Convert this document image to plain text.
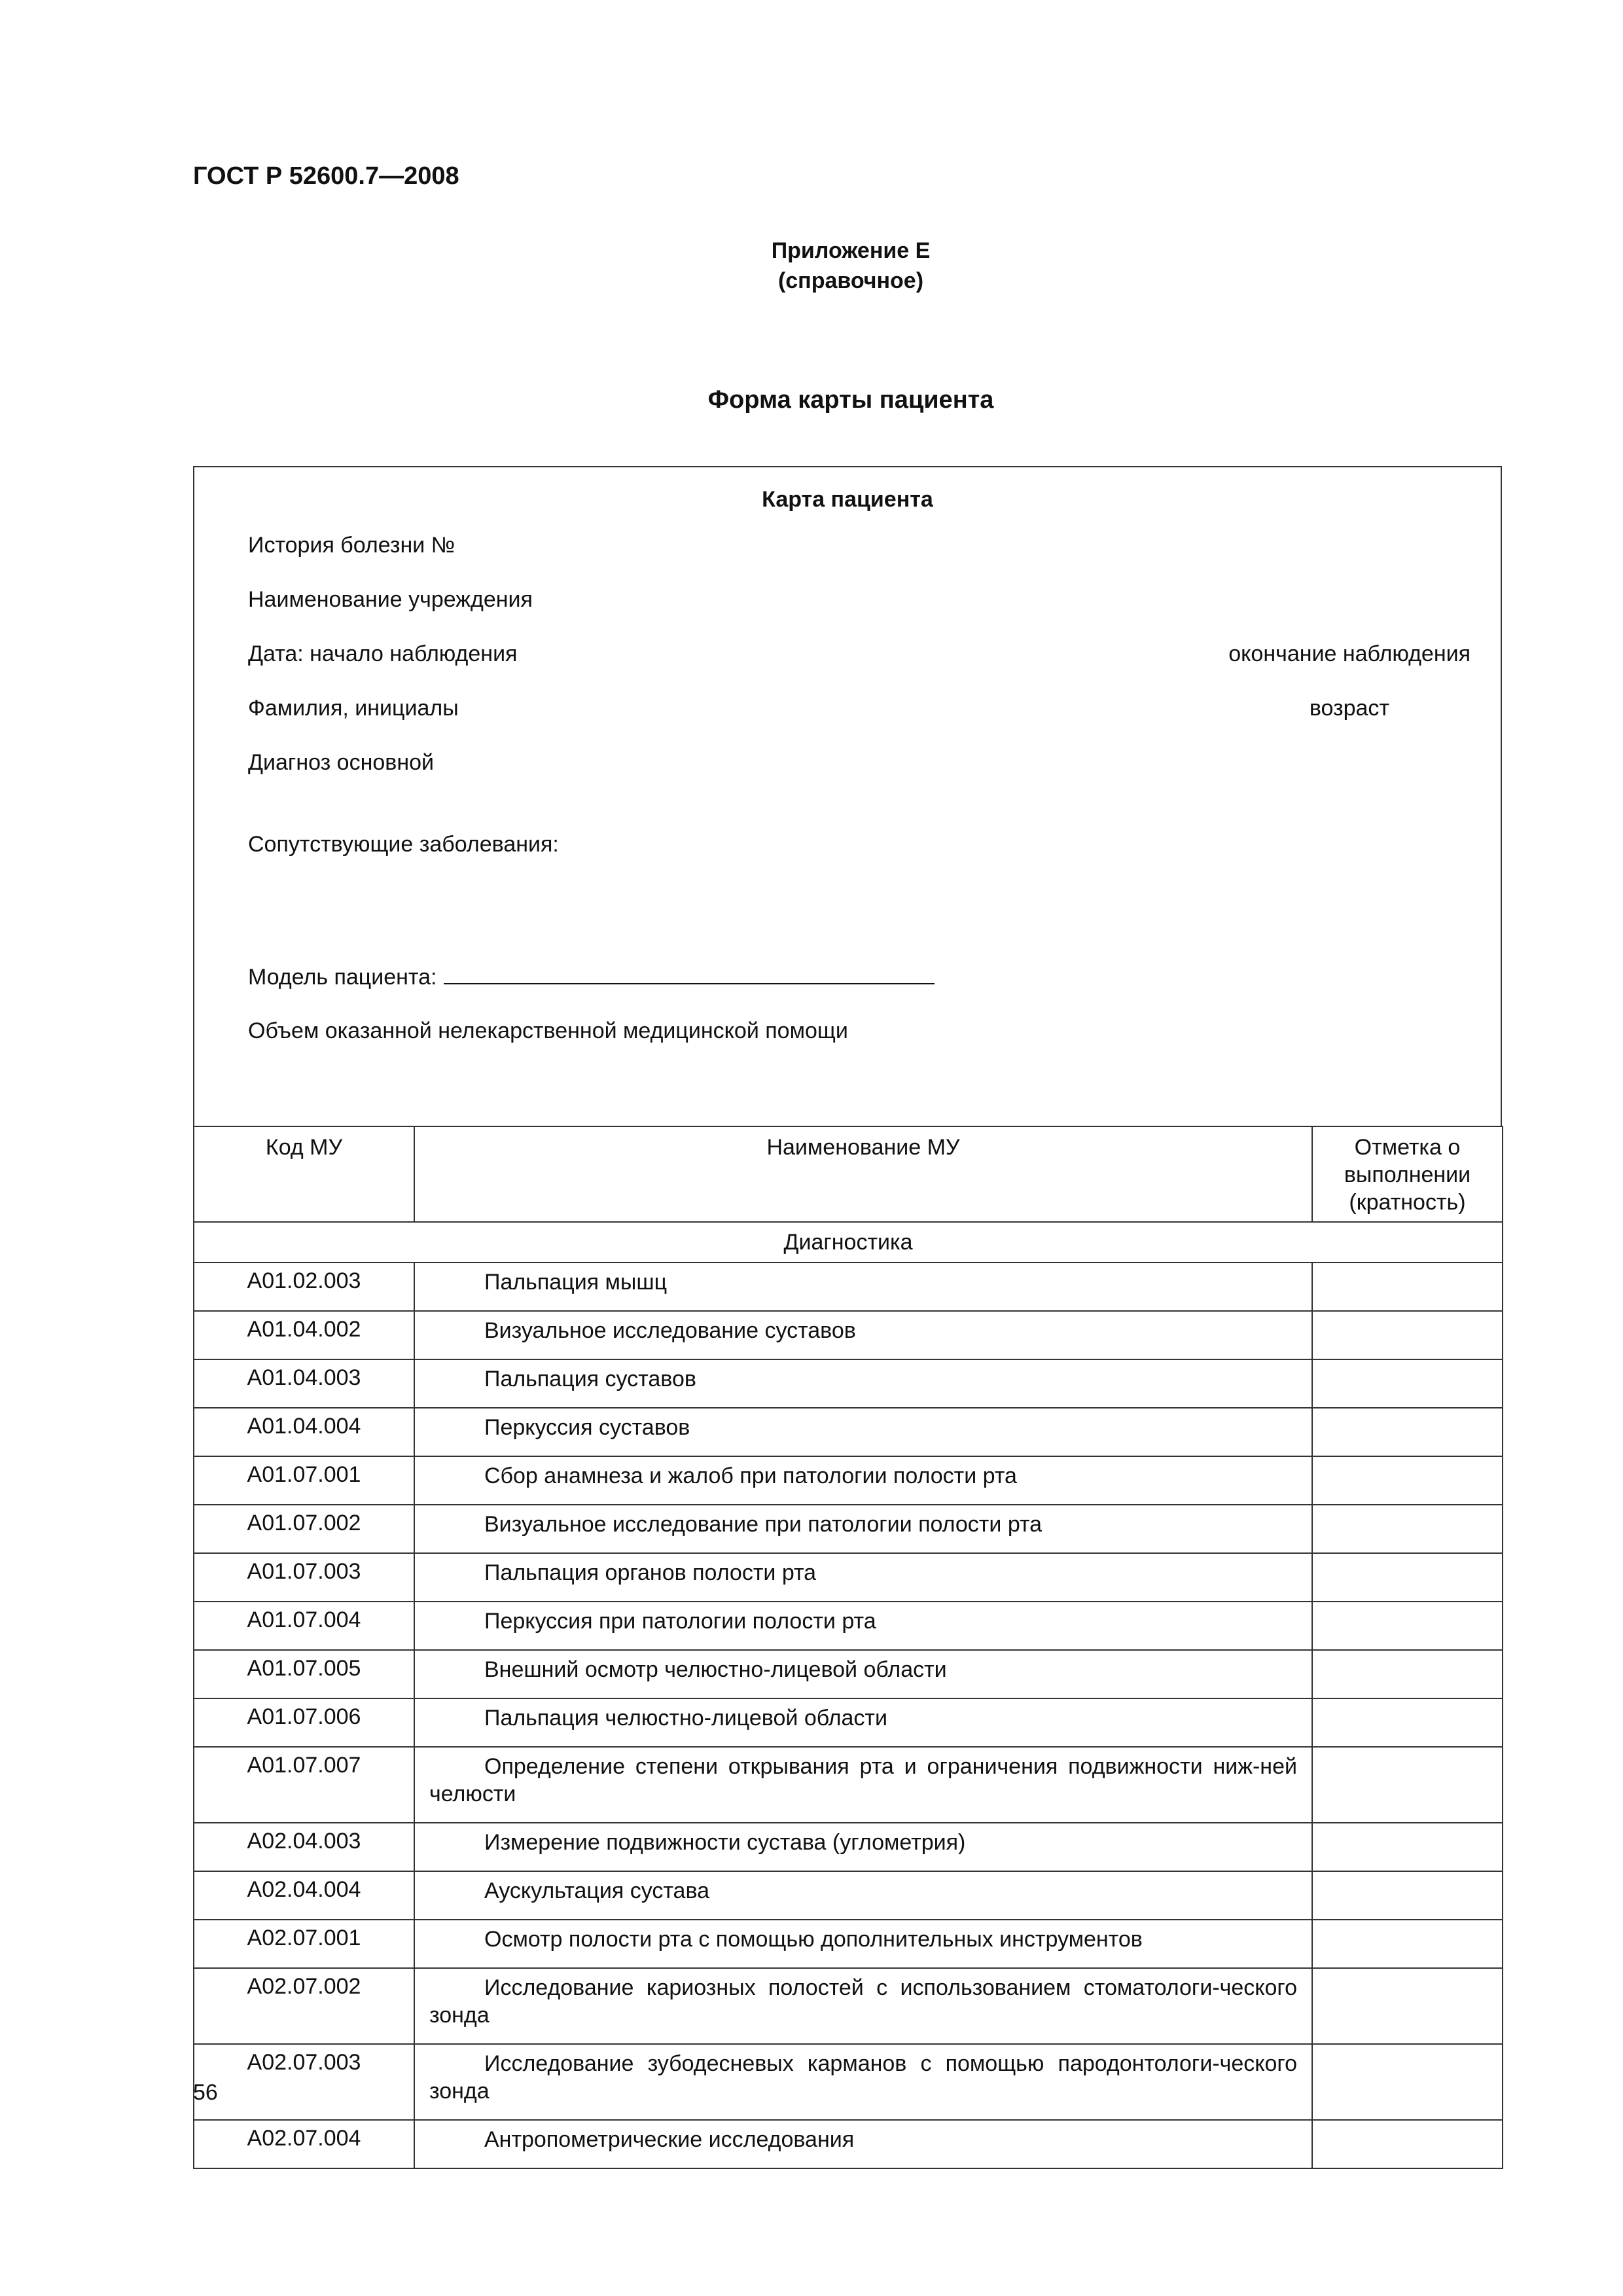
ГОСТ Р 52600.7—2008
Приложение Е
(справочное)
Форма карты пациента
Карта пациента
История болезни №
Наименование учреждения
Дата: начало наблюдения	окончание наблюдения
Фамилия, инициалы	возраст
Диагноз основной
Сопутствующие заболевания:
Модель пациента:
Объем оказанной нелекарственной медицинской помощи
Код МУ	Наименование МУ	Отметка о выполнении (кратность)
Диагностика		
А01.02.003	Пальпация мышц	
А01.04.002	Визуальное исследование суставов	
А01.04.003	Пальпация суставов	
А01.04.004	Перкуссия суставов	
А01.07.001	Сбор анамнеза и жалоб при патологии полости рта	
А01.07.002	Визуальное исследование при патологии полости рта	
А01.07.003	Пальпация органов полости рта	
А01.07.004	Перкуссия при патологии полости рта	
А01.07.005	Внешний осмотр челюстно-лицевой области	
А01.07.006	Пальпация челюстно-лицевой области	
А01.07.007	Определение степени открывания рта и ограничения подвижности ниж-ней челюсти	
А02.04.003	Измерение подвижности сустава (углометрия)	
А02.04.004	Аускультация сустава	
А02.07.001	Осмотр полости рта с помощью дополнительных инструментов	
А02.07.002	Исследование кариозных полостей с использованием стоматологи-ческого зонда	
А02.07.003	Исследование зубодесневых карманов с помощью пародонтологи-ческого зонда	
А02.07.004	Антропометрические исследования	
56
